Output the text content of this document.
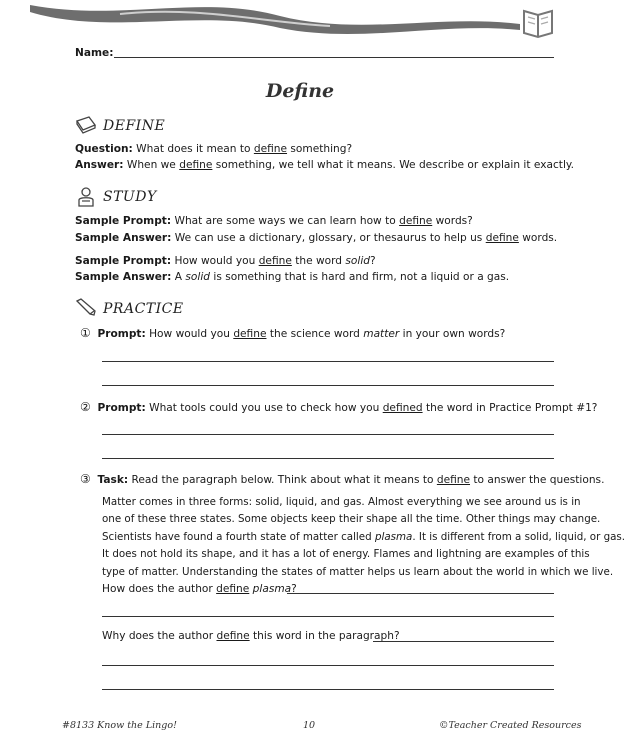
Name:
Define
DEFINE
Question: What does it mean to define something?
Answer: When we define something, we tell what it means. We describe or explain it exactly.
STUDY
Sample Prompt: What are some ways we can learn how to define words?
Sample Answer: We can use a dictionary, glossary, or thesaurus to help us define words.
Sample Prompt: How would you define the word solid?
Sample Answer: A solid is something that is hard and firm, not a liquid or a gas.
PRACTICE
① Prompt: How would you define the science word matter in your own words?
② Prompt: What tools could you use to check how you defined the word in Practice Prompt #1?
③ Task: Read the paragraph below. Think about what it means to define to answer the questions.
Matter comes in three forms: solid, liquid, and gas. Almost everything we see around us is in
one of these three states. Some objects keep their shape all the time. Other things may change.
Scientists have found a fourth state of matter called plasma. It is different from a solid, liquid, or gas.
It does not hold its shape, and it has a lot of energy. Flames and lightning are examples of this
type of matter. Understanding the states of matter helps us learn about the world in which we live.
How does the author define plasma?
Why does the author define this word in the paragraph?
#8133 Know the Lingo!	10	©Teacher Created Resources
